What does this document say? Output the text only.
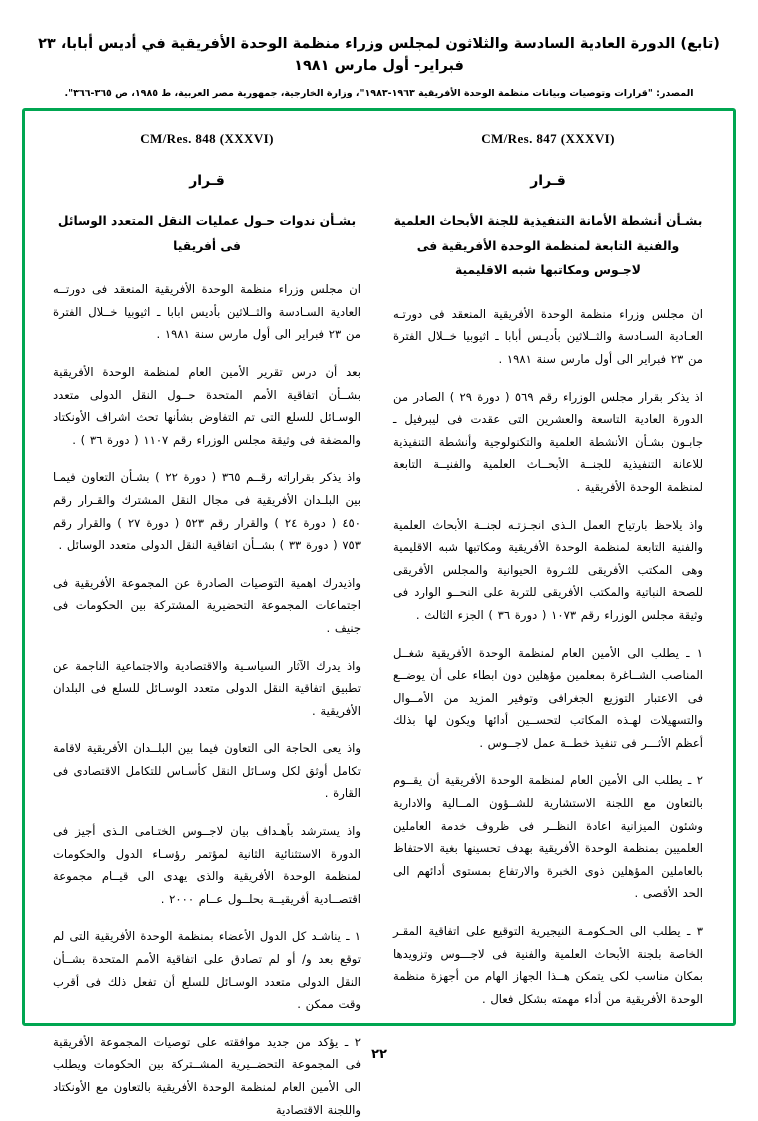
(تابع) الدورة العادية السادسة والثلاثون لمجلس وزراء منظمة الوحدة الأفريقية في أديس أبابا، ٢٣ فبراير- أول مارس ١٩٨١
المصدر: "قرارات وتوصيات وبيانات منظمة الوحدة الأفريقية ١٩٦٣-١٩٨٣"، وزارة الخارجية، جمهورية مصر العربية، ط ١٩٨٥، ص ٣٦٥-٣٦٦".
CM/Res. 847 (XXXVI)
قـرار
بشـأن أنشطة الأمانة التنفيذية للجنة الأبحاث العلمية والفنية التابعة لمنظمة الوحدة الأفريقية فى لاجـوس ومكاتبها شبه الاقليمية
ان مجلس وزراء منظمة الوحدة الأفريقية المنعقد فى دورتـه العـادية السـادسة والثــلاثين بأديـس أبابا ـ اثيوبيا خــلال الفترة من ٢٣ فبراير الى أول مارس سنة ١٩٨١ .
اذ يذكر بقرار مجلس الوزراء رقم ٥٦٩ ( دورة ٢٩ ) الصادر من الدورة العادية التاسعة والعشرين التى عقدت فى ليبرفيل ـ جابـون بشـأن الأنشطة العلمية والتكنولوجية وأنشطة التنفيذية للاعانة التنفيذية للجنــة الأبحــاث العلمية والفنيــة التابعة لمنظمة الوحدة الأفريقية .
واذ يلاحظ بارتياح العمل الـذى انجـزتـه لجنــة الأبحاث العلمية والفنية التابعة لمنظمة الوحدة الأفريقية ومكاتبها شبه الاقليمية وهى المكتب الأفريقى للثـروة الحيوانية والمجلس الأفريقى للصحة النباتية والمكتب الأفريقى للتربة على النحــو الوارد فى وثيقة مجلس الوزراء رقم ١٠٧٣ ( دورة ٣٦ ) الجزء الثالث .
١ ـ يطلب الى الأمين العام لمنظمة الوحدة الأفريقية شغــل المناصب الشــاغرة بمعلمين مؤهلين دون ابطاء على أن يوضــع فى الاعتبار التوزيع الجغرافى وتوفير المزيد من الأمــوال والتسهيلات لهـذه المكاتب لتحســين أدائها ويكون لها بذلك أعظم الأثـــر فى تنفيذ خطــة عمل لاجــوس .
٢ ـ يطلب الى الأمين العام لمنظمة الوحدة الأفريقية أن يقــوم بالتعاون مع اللجنة الاستشارية للشــؤون المــالية والادارية وشئون الميزانية اعادة النظــر فى ظروف خدمة العاملين العلميين بمنظمة الوحدة الأفريقية بهدف تحسينها بغية الاحتفاظ بالعاملين المؤهلين ذوى الخبرة والارتفاع بمستوى أدائهم الى الحد الأقصى .
٣ ـ يطلب الى الحـكومـة النيجيرية التوقيع على اتفاقية المقـر الخاصة بلجنة الأبحاث العلمية والفنية فى لاجـــوس وتزويدها بمكان مناسب لكى يتمكن هــذا الجهاز الهام من أجهزة منظمة الوحدة الأفريقية من أداء مهمته بشكل فعال .
CM/Res. 848 (XXXVI)
قـرار
بشـأن ندوات حـول عمليات النقل المتعدد الوسائل فى أفريقيا
ان مجلس وزراء منظمة الوحدة الأفريقية المنعقد فى دورتــه العادية السـادسة والثــلاثين بأديس ابابا ـ اثيوبيا خــلال الفترة من ٢٣ فبراير الى أول مارس سنة ١٩٨١ .
بعد أن درس تقرير الأمين العام لمنظمة الوحدة الأفريقية بشــأن اتفاقية الأمم المتحدة حــول النقل الدولى متعدد الوسـائل للسلع التى تم التفاوض بشأنها تحث اشراف الأونكتاد والمضفة فى وثيقة مجلس الوزراء رقم ١١٠٧ ( دورة ٣٦ ) .
واذ يذكر بقراراته رقــم ٣٦٥ ( دورة ٢٢ ) بشـأن التعاون فيمـا بين البلـدان الأفريقية فى مجال النقل المشترك والقـرار رقم ٤٥٠ ( دورة ٢٤ ) والقرار رقم ٥٢٣ ( دورة ٢٧ ) والقرار رقم ٧٥٣ ( دورة ٣٣ ) بشــأن اتفاقية النقل الدولى متعدد الوسائل .
واذيدرك اهمية التوصيات الصادرة عن المجموعة الأفريقية فى اجتماعات المجموعة التحضيرية المشتركة بين الحكومات فى جنيف .
واذ يدرك الآثار السياسـية والاقتصادية والاجتماعية الناجمة عن تطبيق اتفاقية النقل الدولى متعدد الوسـائل للسلع فى البلدان الأفريقية .
واذ يعى الحاجة الى التعاون فيما بين البلــدان الأفريقية لاقامة تكامل أوثق لكل وسـائل النقل كأسـاس للتكامل الاقتصادى فى القارة .
واذ يسترشد بأهـداف بيان لاجــوس الختـامى الـذى أجيز فى الدورة الاستثنائية الثانية لمؤتمر رؤسـاء الدول والحكومات لمنظمة الوحدة الأفريقية والذى يهدى الى قيــام مجموعة اقتصــادية أفريقيــة بحلــول عــام ٢٠٠٠ .
١ ـ يناشـد كل الدول الأعضاء بمنظمة الوحدة الأفريقية التى لم توقع بعد و/ أو لم تصادق على اتفاقية الأمم المتحدة بشــأن النقل الدولى متعدد الوسـائل للسلع أن تفعل ذلك فى أقرب وقت ممكن .
٢ ـ يؤكد من جديد موافقته على توصيات المجموعة الأفريقية فى المجموعة التحضــيرية المشــتركة بين الحكومات ويطلب الى الأمين العام لمنظمة الوحدة الأفريقية بالتعاون مع الأونكتاد واللجنة الاقتصادية
٢٢
